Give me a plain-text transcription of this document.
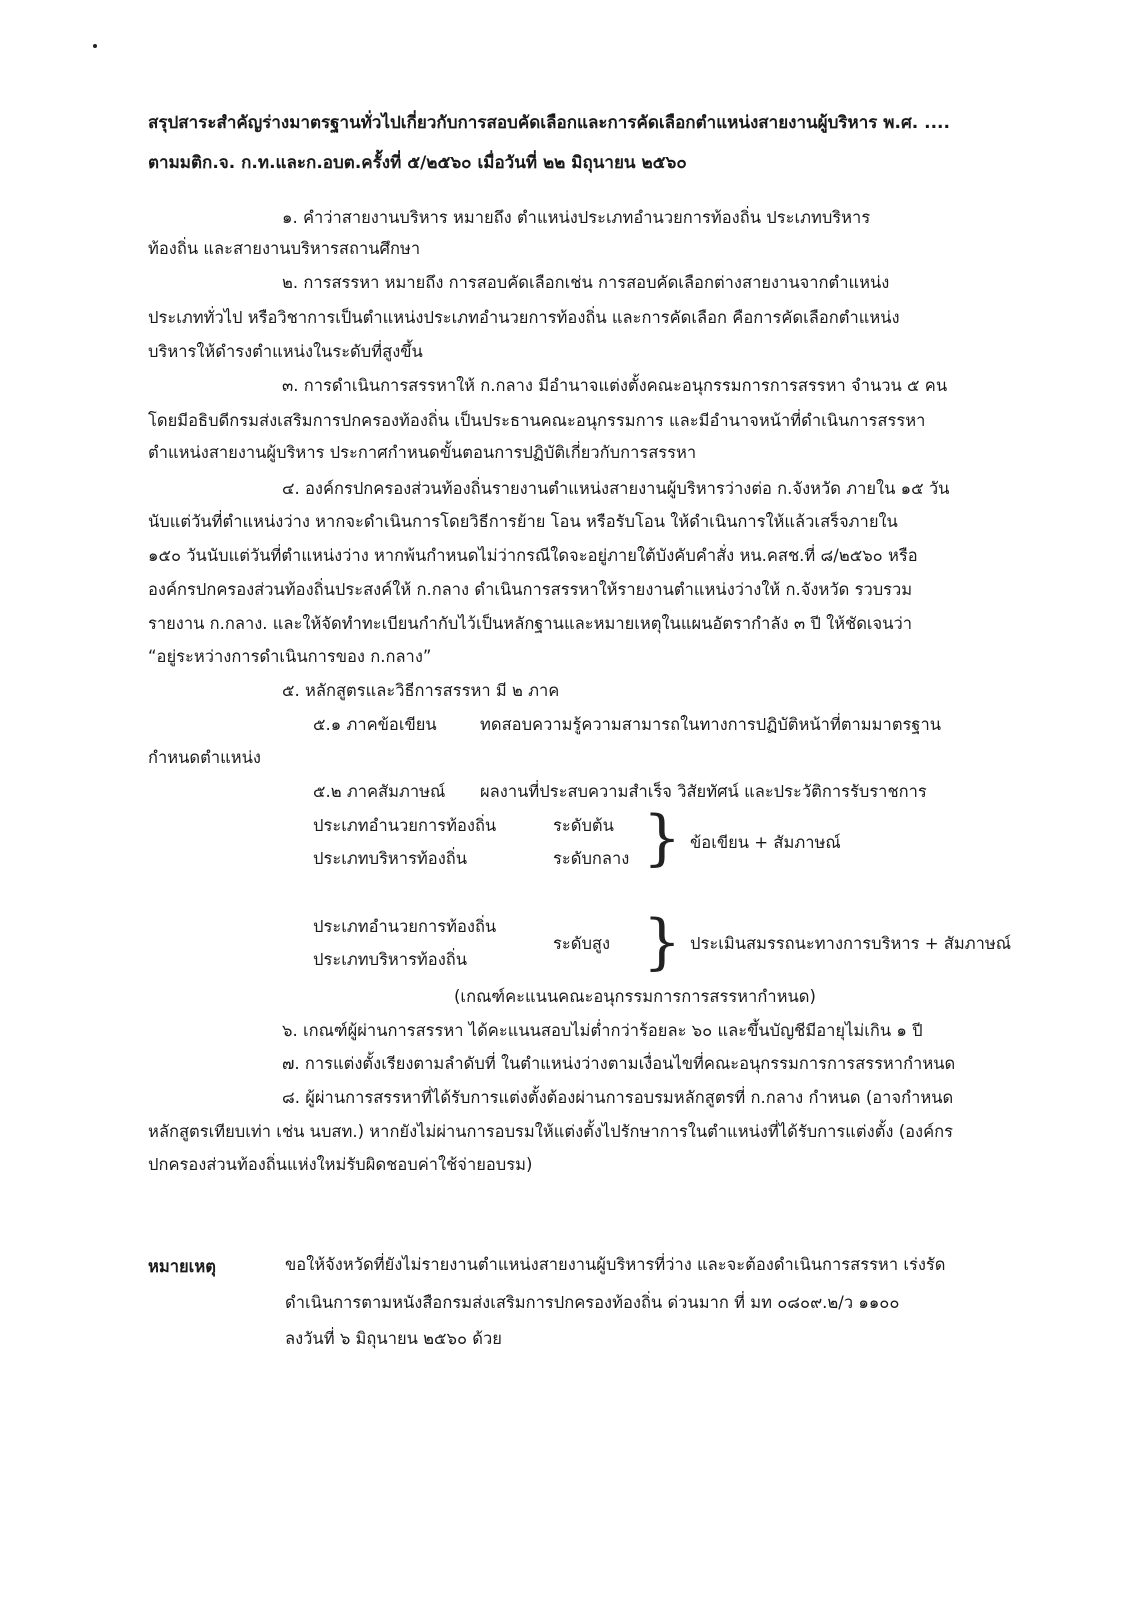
สรุปสาระสำคัญร่างมาตรฐานทั่วไปเกี่ยวกับการสอบคัดเลือกและการคัดเลือกตำแหน่งสายงานผู้บริหาร พ.ศ. ....
ตามมติก.จ. ก.ท.และก.อบต.ครั้งที่ ๕/๒๕๖๐ เมื่อวันที่ ๒๒ มิถุนายน ๒๕๖๐
๑. คำว่าสายงานบริหาร หมายถึง ตำแหน่งประเภทอำนวยการท้องถิ่น ประเภทบริหาร
ท้องถิ่น และสายงานบริหารสถานศึกษา
๒. การสรรหา หมายถึง การสอบคัดเลือกเช่น การสอบคัดเลือกต่างสายงานจากตำแหน่ง
ประเภททั่วไป หรือวิชาการเป็นตำแหน่งประเภทอำนวยการท้องถิ่น และการคัดเลือก คือการคัดเลือกตำแหน่ง
บริหารให้ดำรงตำแหน่งในระดับที่สูงขึ้น
๓. การดำเนินการสรรหาให้ ก.กลาง มีอำนาจแต่งตั้งคณะอนุกรรมการการสรรหา จำนวน ๕ คน
โดยมีอธิบดีกรมส่งเสริมการปกครองท้องถิ่น เป็นประธานคณะอนุกรรมการ และมีอำนาจหน้าที่ดำเนินการสรรหา
ตำแหน่งสายงานผู้บริหาร ประกาศกำหนดขั้นตอนการปฏิบัติเกี่ยวกับการสรรหา
๔. องค์กรปกครองส่วนท้องถิ่นรายงานตำแหน่งสายงานผู้บริหารว่างต่อ ก.จังหวัด ภายใน ๑๕ วัน
นับแต่วันที่ตำแหน่งว่าง หากจะดำเนินการโดยวิธีการย้าย โอน หรือรับโอน ให้ดำเนินการให้แล้วเสร็จภายใน
๑๕๐ วันนับแต่วันที่ตำแหน่งว่าง หากพ้นกำหนดไม่ว่ากรณีใดจะอยู่ภายใต้บังคับคำสั่ง หน.คสช.ที่ ๘/๒๕๖๐ หรือ
องค์กรปกครองส่วนท้องถิ่นประสงค์ให้ ก.กลาง ดำเนินการสรรหาให้รายงานตำแหน่งว่างให้ ก.จังหวัด รวบรวม
รายงาน ก.กลาง. และให้จัดทำทะเบียนกำกับไว้เป็นหลักฐานและหมายเหตุในแผนอัตรากำลัง ๓ ปี ให้ชัดเจนว่า
“อยู่ระหว่างการดำเนินการของ ก.กลาง”
๕. หลักสูตรและวิธีการสรรหา มี ๒ ภาค
๕.๑ ภาคข้อเขียน	ทดสอบความรู้ความสามารถในทางการปฏิบัติหน้าที่ตามมาตรฐาน
กำหนดตำแหน่ง
๕.๒ ภาคสัมภาษณ์ ผลงานที่ประสบความสำเร็จ วิสัยทัศน์ และประวัติการรับราชการ
ประเภทอำนวยการท้องถิ่น
ประเภทบริหารท้องถิ่น
ระดับต้น
ระดับกลาง } ข้อเขียน + สัมภาษณ์
ประเภทอำนวยการท้องถิ่น
ประเภทบริหารท้องถิ่น
ระดับสูง } ประเมินสมรรถนะทางการบริหาร + สัมภาษณ์
(เกณฑ์คะแนนคณะอนุกรรมการการสรรหากำหนด)
๖. เกณฑ์ผู้ผ่านการสรรหา ได้คะแนนสอบไม่ต่ำกว่าร้อยละ ๖๐ และขึ้นบัญชีมีอายุไม่เกิน ๑ ปี
๗. การแต่งตั้งเรียงตามลำดับที่ ในตำแหน่งว่างตามเงื่อนไขที่คณะอนุกรรมการการสรรหากำหนด
๘. ผู้ผ่านการสรรหาที่ได้รับการแต่งตั้งต้องผ่านการอบรมหลักสูตรที่ ก.กลาง กำหนด (อาจกำหนด
หลักสูตรเทียบเท่า เช่น นบสท.) หากยังไม่ผ่านการอบรมให้แต่งตั้งไปรักษาการในตำแหน่งที่ได้รับการแต่งตั้ง (องค์กร
ปกครองส่วนท้องถิ่นแห่งใหม่รับผิดชอบค่าใช้จ่ายอบรม)
หมายเหตุ	ขอให้จังหวัดที่ยังไม่รายงานตำแหน่งสายงานผู้บริหารที่ว่าง และจะต้องดำเนินการสรรหา เร่งรัด
ดำเนินการตามหนังสือกรมส่งเสริมการปกครองท้องถิ่น ด่วนมาก ที่ มท ๐๘๐๙.๒/ว ๑๑๐๐
ลงวันที่ ๖ มิถุนายน ๒๕๖๐ ด้วย
